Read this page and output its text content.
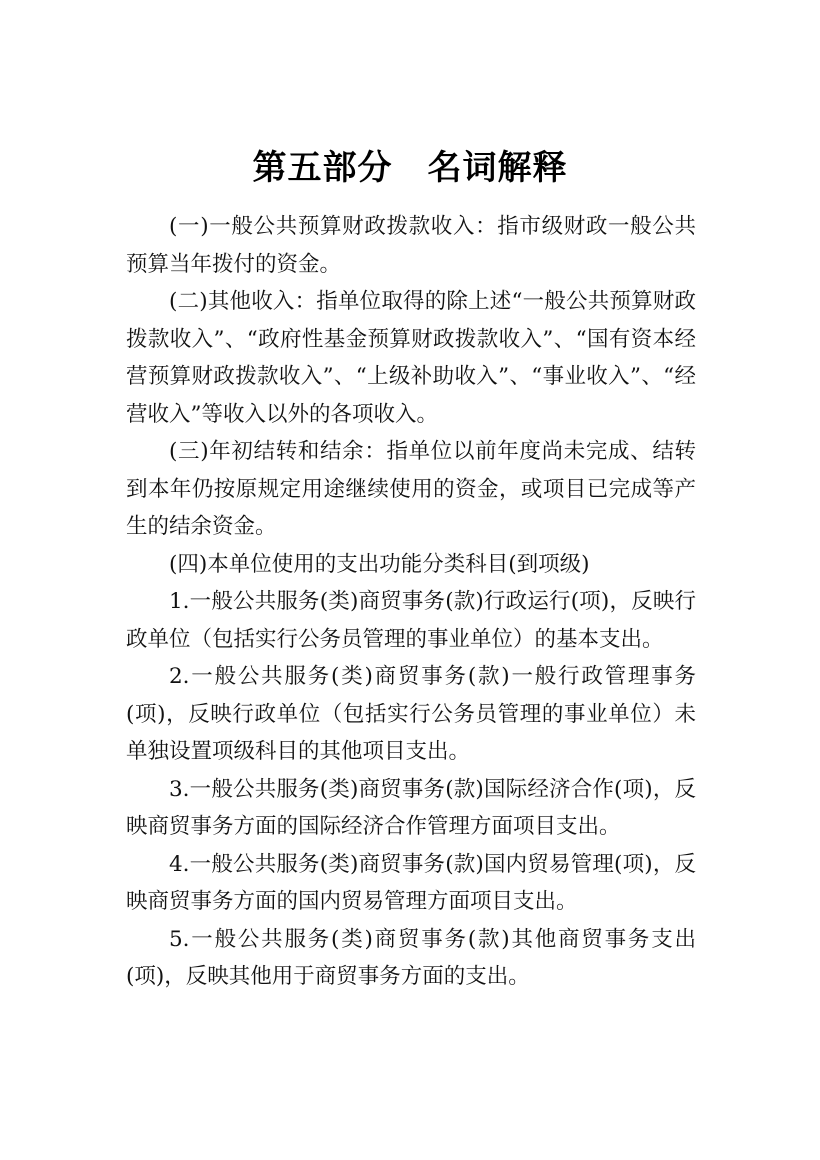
第五部分　名词解释

(一)一般公共预算财政拨款收入：指市级财政一般公共预算当年拨付的资金。

(二)其他收入：指单位取得的除上述“一般公共预算财政拨款收入”、“政府性基金预算财政拨款收入”、“国有资本经营预算财政拨款收入”、“上级补助收入”、“事业收入”、“经营收入”等收入以外的各项收入。

(三)年初结转和结余：指单位以前年度尚未完成、结转到本年仍按原规定用途继续使用的资金，或项目已完成等产 生的结余资金。

(四)本单位使用的支出功能分类科目(到项级)

1.一般公共服务(类)商贸事务(款)行政运行(项)，反映行政单位（包括实行公务员管理的事业单位）的基本支出。

2.一般公共服务(类)商贸事务(款)一般行政管理事务(项)，反映行政单位（包括实行公务员管理的事业单位）未单独设置项级科目的其他项目支出。

3.一般公共服务(类)商贸事务(款)国际经济合作(项)，反映商贸事务方面的国际经济合作管理方面项目支出。

4.一般公共服务(类)商贸事务(款)国内贸易管理(项)，反映商贸事务方面的国内贸易管理方面项目支出。

5.一般公共服务(类)商贸事务(款)其他商贸事务支出(项)，反映其他用于商贸事务方面的支出。
